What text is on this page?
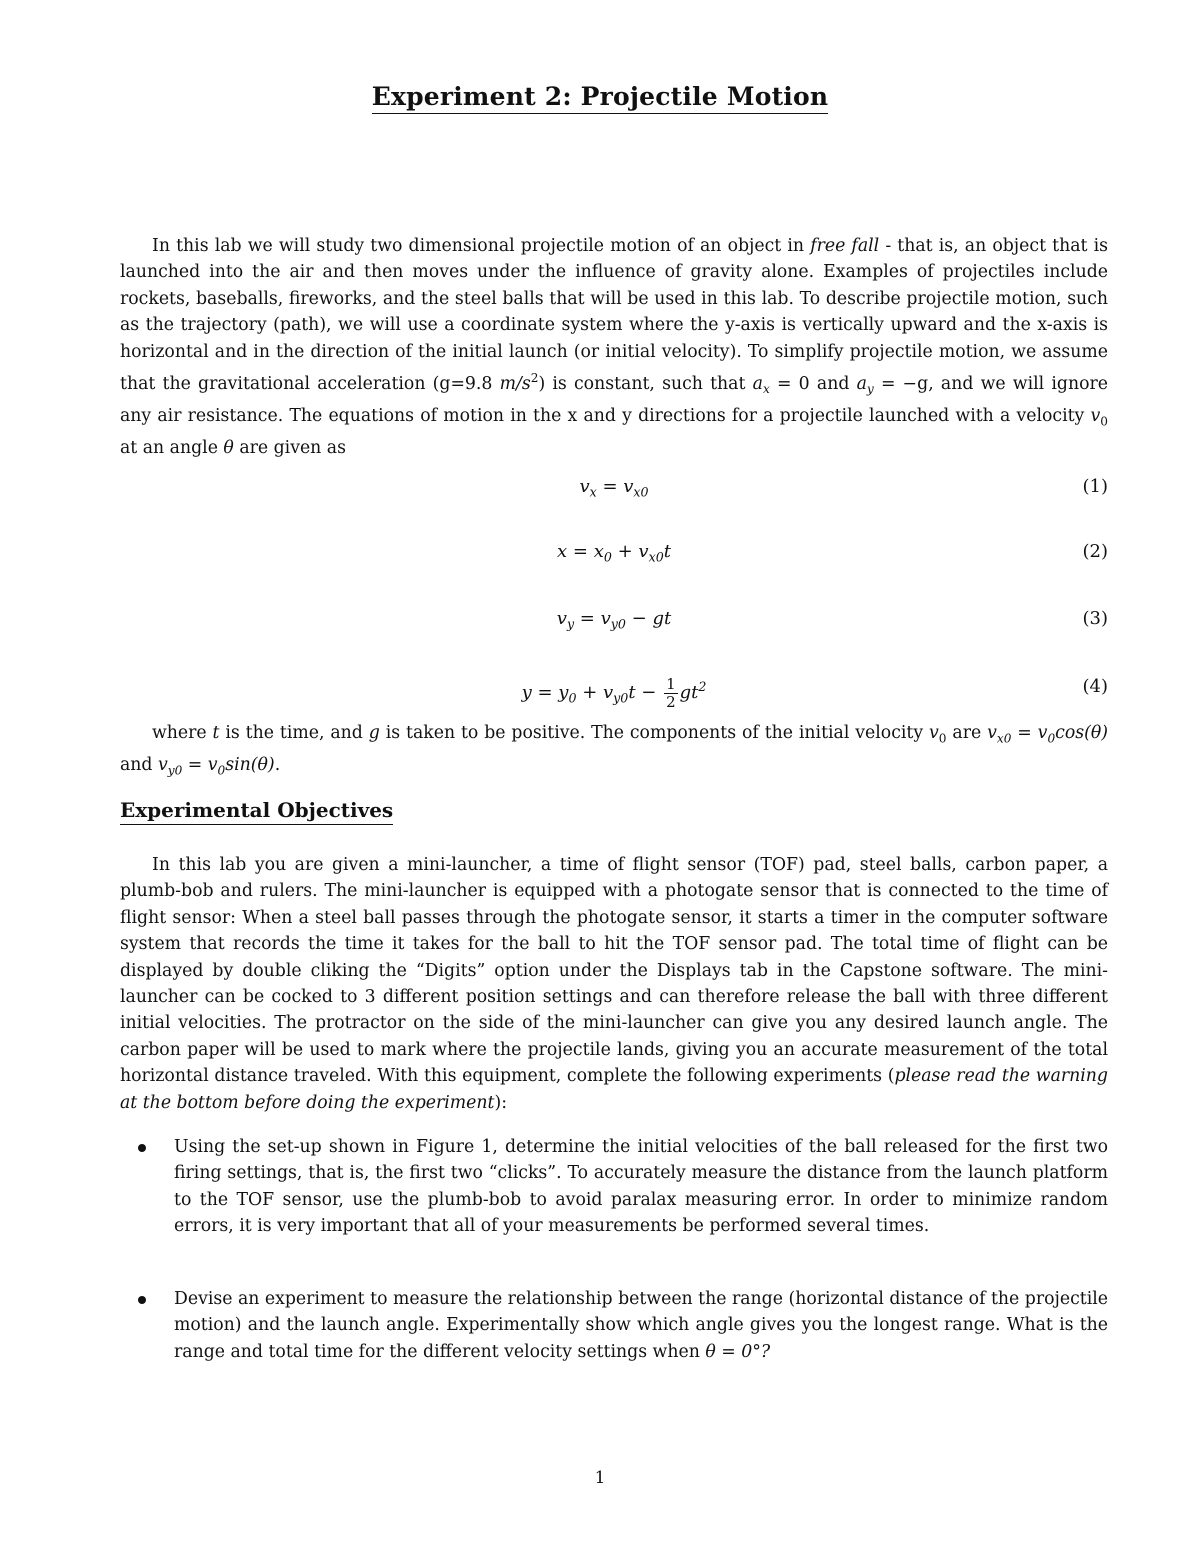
Experiment 2: Projectile Motion
In this lab we will study two dimensional projectile motion of an object in free fall - that is, an object that is launched into the air and then moves under the influence of gravity alone. Examples of projectiles include rockets, baseballs, fireworks, and the steel balls that will be used in this lab. To describe projectile motion, such as the trajectory (path), we will use a coordinate system where the y-axis is vertically upward and the x-axis is horizontal and in the direction of the initial launch (or initial velocity). To simplify projectile motion, we assume that the gravitational acceleration (g=9.8 $m/s^2$) is constant, such that $a_x = 0$ and $a_y = -g$, and we will ignore any air resistance. The equations of motion in the x and y directions for a projectile launched with a velocity $v_0$ at an angle θ are given as
$v_x = v_{x0}$	(1)
$x = x_0 + v_{x0}t$	(2)
$v_y = v_{y0}$ − gt	(3)
$y = y_0 + v_{y0}t - \frac{1}{2} gt^2$	(4)
where t is the time, and g is taken to be positive. The components of the initial velocity $v_0$ are $v_{x0} = v_0\cos(\theta)$ and $v_{y0} = v_0\sin(\theta)$.
Experimental Objectives
In this lab you are given a mini-launcher, a time of flight sensor (TOF) pad, steel balls, carbon paper, a plumb-bob and rulers. The mini-launcher is equipped with a photogate sensor that is connected to the time of flight sensor: When a steel ball passes through the photogate sensor, it starts a timer in the computer software system that records the time it takes for the ball to hit the TOF sensor pad. The total time of flight can be displayed by double cliking the “Digits” option under the Displays tab in the Capstone software. The mini-launcher can be cocked to 3 different position settings and can therefore release the ball with three different initial velocities. The protractor on the side of the mini-launcher can give you any desired launch angle. The carbon paper will be used to mark where the projectile lands, giving you an accurate measurement of the total horizontal distance traveled. With this equipment, complete the following experiments (please read the warning at the bottom before doing the experiment):
Using the set-up shown in Figure 1, determine the initial velocities of the ball released for the first two firing settings, that is, the first two “clicks”. To accurately measure the distance from the launch platform to the TOF sensor, use the plumb-bob to avoid paralax measuring error. In order to minimize random errors, it is very important that all of your measurements be performed several times.
Devise an experiment to measure the relationship between the range (horizontal distance of the projectile motion) and the launch angle. Experimentally show which angle gives you the longest range. What is the range and total time for the different velocity settings when θ = 0°?
1
